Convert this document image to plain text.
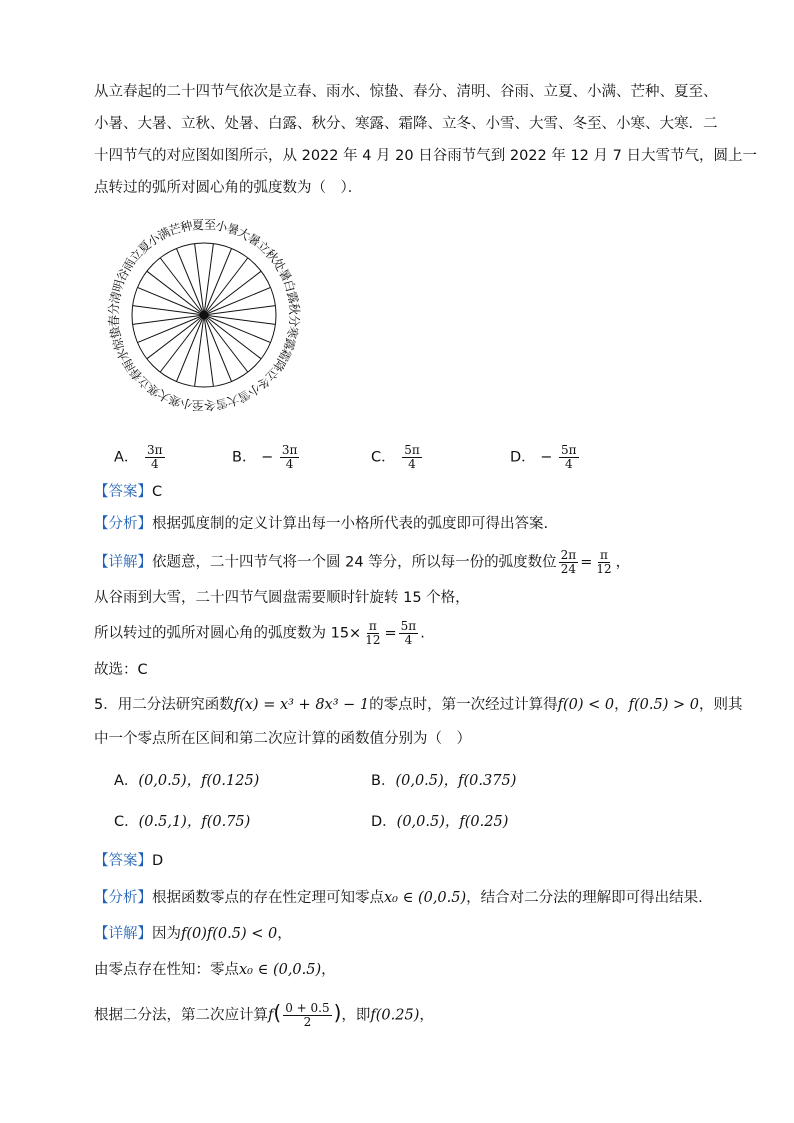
从立春起的二十四节气依次是立春、雨水、惊蛰、春分、清明、谷雨、立夏、小满、芒种、夏至、
小暑、大暑、立秋、处暑、白露、秋分、寒露、霜降、立冬、小雪、大雪、冬至、小寒、大寒．二
十四节气的对应图如图所示，从 2022 年 4 月 20 日谷雨节气到 2022 年 12 月 7 日大雪节气，圆上一
点转过的弧所对圆心角的弧度数为（　）．
夏至
小暑
大暑
立秋
处暑
白露
秋分
寒露
霜降
立冬
小雪
大雪
冬至
小寒
大寒
立春
雨水
惊蛰
春分
清明
谷雨
立夏
小满
芒种
A． $\frac{3\pi}{4}$	B． − $\frac{3\pi}{4}$	C． $\frac{5\pi}{4}$	D． − $\frac{5\pi}{4}$
【答案】C
【分析】根据弧度制的定义计算出每一小格所代表的弧度即可得出答案.
【详解】依题意，二十四节气将一个圆 24 等分，所以每一份的弧度数位 $\frac{2\pi}{24} = \frac{\pi}{12}$ ，
从谷雨到大雪，二十四节气圆盘需要顺时针旋转 15 个格，
所以转过的弧所对圆心角的弧度数为 $15\times \frac{\pi}{12} = \frac{5\pi}{4}$ .
故选：C
5．用二分法研究函数f(x) = x³ + 8x³ − 1的零点时，第一次经过计算得f(0) < 0，f(0.5) > 0，则其
中一个零点所在区间和第二次应计算的函数值分别为（　）
A．(0,0.5)，f(0.125)	B．(0,0.5)，f(0.375)
C．(0.5,1)，f(0.75)	D．(0,0.5)，f(0.25)
【答案】D
【分析】根据函数零点的存在性定理可知零点x₀ ∈ (0,0.5)，结合对二分法的理解即可得出结果.
【详解】因为f(0)f(0.5) < 0，
由零点存在性知：零点x₀ ∈ (0,0.5)，
根据二分法，第二次应计算$f( \frac{0 + 0.5}{2}$ )，即f(0.25)，
